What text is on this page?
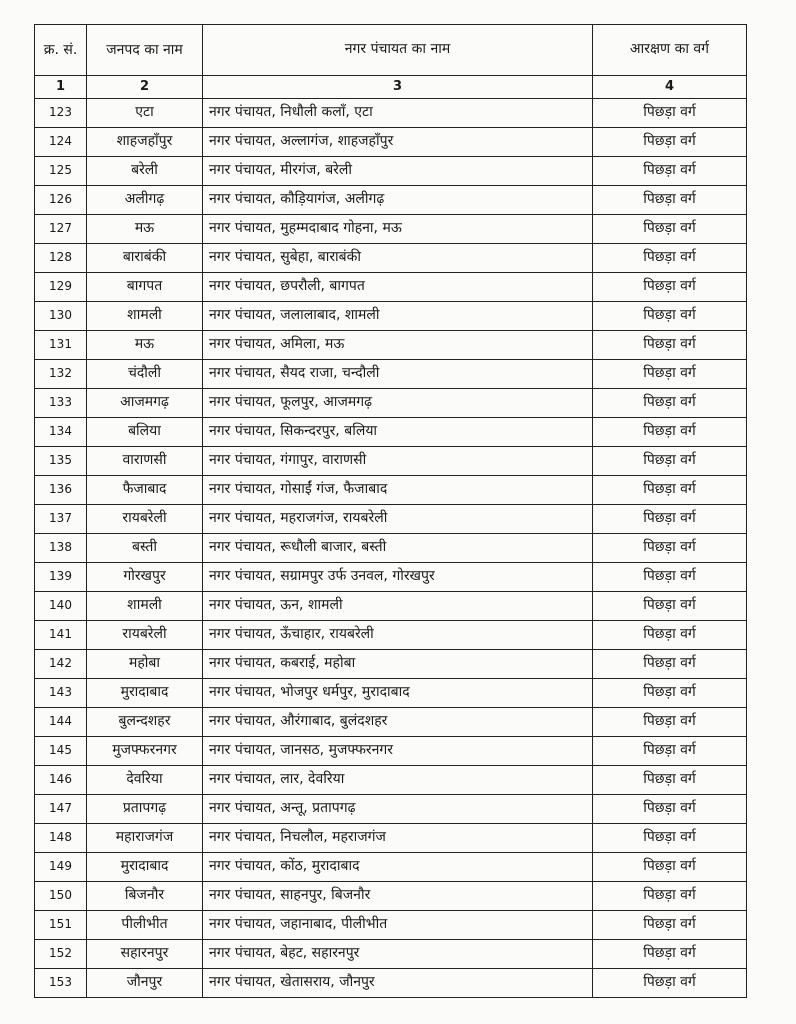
क्र. सं.	जनपद का नाम	नगर पंचायत का नाम	आरक्षण का वर्ग
1	2	3	4
123	एटा	नगर पंचायत, निधौली कलाँ, एटा	पिछड़ा वर्ग
124	शाहजहाँपुर	नगर पंचायत, अल्लागंज, शाहजहाँपुर	पिछड़ा वर्ग
125	बरेली	नगर पंचायत, मीरगंज, बरेली	पिछड़ा वर्ग
126	अलीगढ़	नगर पंचायत, कौड़ियागंज, अलीगढ़	पिछड़ा वर्ग
127	मऊ	नगर पंचायत, मुहम्मदाबाद गोहना, मऊ	पिछड़ा वर्ग
128	बाराबंकी	नगर पंचायत, सुबेहा, बाराबंकी	पिछड़ा वर्ग
129	बागपत	नगर पंचायत, छपरौली, बागपत	पिछड़ा वर्ग
130	शामली	नगर पंचायत, जलालाबाद, शामली	पिछड़ा वर्ग
131	मऊ	नगर पंचायत, अमिला, मऊ	पिछड़ा वर्ग
132	चंदौली	नगर पंचायत, सैयद राजा, चन्दौली	पिछड़ा वर्ग
133	आजमगढ़	नगर पंचायत, फूलपुर, आजमगढ़	पिछड़ा वर्ग
134	बलिया	नगर पंचायत, सिकन्दरपुर, बलिया	पिछड़ा वर्ग
135	वाराणसी	नगर पंचायत, गंगापुर, वाराणसी	पिछड़ा वर्ग
136	फैजाबाद	नगर पंचायत, गोसाईं गंज, फैजाबाद	पिछड़ा वर्ग
137	रायबरेली	नगर पंचायत, महराजगंज, रायबरेली	पिछड़ा वर्ग
138	बस्ती	नगर पंचायत, रूधौली बाजार, बस्ती	पिछड़ा वर्ग
139	गोरखपुर	नगर पंचायत, सग्रामपुर उर्फ उनवल, गोरखपुर	पिछड़ा वर्ग
140	शामली	नगर पंचायत, ऊन, शामली	पिछड़ा वर्ग
141	रायबरेली	नगर पंचायत, ऊँचाहार, रायबरेली	पिछड़ा वर्ग
142	महोबा	नगर पंचायत, कबराई, महोबा	पिछड़ा वर्ग
143	मुरादाबाद	नगर पंचायत, भोजपुर धर्मपुर, मुरादाबाद	पिछड़ा वर्ग
144	बुलन्दशहर	नगर पंचायत, औरंगाबाद, बुलंदशहर	पिछड़ा वर्ग
145	मुजफ्फरनगर	नगर पंचायत, जानसठ, मुजफ्फरनगर	पिछड़ा वर्ग
146	देवरिया	नगर पंचायत, लार, देवरिया	पिछड़ा वर्ग
147	प्रतापगढ़	नगर पंचायत, अन्तू, प्रतापगढ़	पिछड़ा वर्ग
148	महाराजगंज	नगर पंचायत, निचलौल, महराजगंज	पिछड़ा वर्ग
149	मुरादाबाद	नगर पंचायत, कोंठ, मुरादाबाद	पिछड़ा वर्ग
150	बिजनौर	नगर पंचायत, साहनपुर, बिजनौर	पिछड़ा वर्ग
151	पीलीभीत	नगर पंचायत, जहानाबाद, पीलीभीत	पिछड़ा वर्ग
152	सहारनपुर	नगर पंचायत, बेहट, सहारनपुर	पिछड़ा वर्ग
153	जौनपुर	नगर पंचायत, खेतासराय, जौनपुर	पिछड़ा वर्ग
